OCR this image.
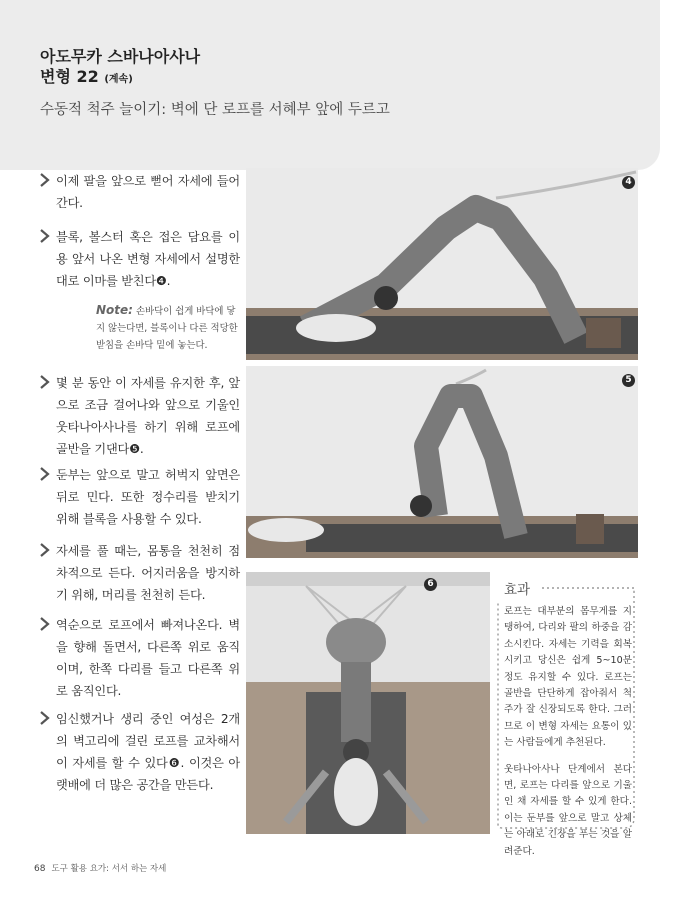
아도무카 스바나아사나
변형 22 (계속)
수동적 척주 늘이기: 벽에 단 로프를 서혜부 앞에 두르고
이제 팔을 앞으로 뻗어 자세에 들어간다.
블록, 볼스터 혹은 접은 담요를 이용 앞서 나온 변형 자세에서 설명한 대로 이마를 받친다❹.
몇 분 동안 이 자세를 유지한 후, 앞으로 조금 걸어나와 앞으로 기울인 웃타나아사나를 하기 위해 로프에 골반을 기댄다❺.
둔부는 앞으로 말고 허벅지 앞면은 뒤로 민다. 또한 정수리를 받치기 위해 블록을 사용할 수 있다.
자세를 풀 때는, 몸통을 천천히 점차적으로 든다. 어지러움을 방지하기 위해, 머리를 천천히 든다.
역순으로 로프에서 빠져나온다. 벽을 향해 돌면서, 다른쪽 위로 움직이며, 한쪽 다리를 들고 다른쪽 위로 움직인다.
임신했거나 생리 중인 여성은 2개의 벽고리에 걸린 로프를 교차해서 이 자세를 할 수 있다❻. 이것은 아랫배에 더 많은 공간을 만든다.
Note: 손바닥이 쉽게 바닥에 닿지 않는다면, 블록이나 다른 적당한 받침을 손바닥 밑에 놓는다.
4
5
6	효과

로프는 대부분의 몸무게를 지탱하여, 다리와 팔의 하중을 감소시킨다. 자세는 기력을 회복시키고 당신은 쉽게 5~10분 정도 유지할 수 있다. 로프는 골반을 단단하게 잡아줘서 척주가 잘 신장되도록 한다. 그러므로 이 변형 자세는 요통이 있는 사람들에게 추천된다.

웃타나아사나 단계에서 본다면, 로프는 다리를 앞으로 기울인 채 자세를 할 수 있게 한다. 이는 둔부를 앞으로 말고 상체는 아래로 긴장을 푸는 것을 알려준다.

68 도구 활용 요가: 서서 하는 자세
